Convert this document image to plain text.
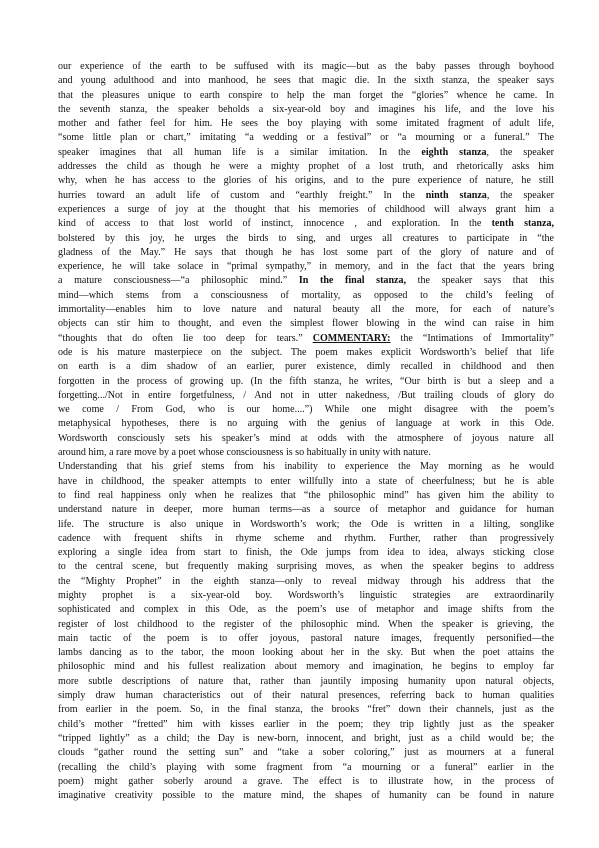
our experience of the earth to be suffused with its magic—but as the baby passes through boyhood
and young adulthood and into manhood, he sees that magic die. In the sixth stanza, the speaker says
that the pleasures unique to earth conspire to help the man forget the “glories” whence he came. In
the seventh stanza, the speaker beholds a six-year-old boy and imagines his life, and the love his
mother and father feel for him. He sees the boy playing with some imitated fragment of adult life,
“some little plan or chart,” imitating “a wedding or a festival” or “a mourning or a funeral.” The
speaker imagines that all human life is a similar imitation. In the eighth stanza, the speaker
addresses the child as though he were a mighty prophet of a lost truth, and rhetorically asks him
why, when he has access to the glories of his origins, and to the pure experience of nature, he still
hurries toward an adult life of custom and “earthly freight.” In the ninth stanza, the speaker
experiences a surge of joy at the thought that his memories of childhood will always grant him a
kind of access to that lost world of instinct, innocence , and exploration. In the tenth stanza,
bolstered by this joy, he urges the birds to sing, and urges all creatures to participate in “the
gladness of the May.” He says that though he has lost some part of the glory of nature and of
experience, he will take solace in “primal sympathy,” in memory, and in the fact that the years bring
a mature consciousness—“a philosophic mind.” In the final stanza, the speaker says that this
mind—which stems from a consciousness of mortality, as opposed to the child’s feeling of
immortality—enables him to love nature and natural beauty all the more, for each of nature’s
objects can stir him to thought, and even the simplest flower blowing in the wind can raise in him
“thoughts that do often lie too deep for tears.” COMMENTARY: the “Intimations of Immortality”
ode is his mature masterpiece on the subject. The poem makes explicit Wordsworth’s belief that life
on earth is a dim shadow of an earlier, purer existence, dimly recalled in childhood and then
forgotten in the process of growing up. (In the fifth stanza, he writes, “Our birth is but a sleep and a
forgetting.../Not in entire forgetfulness, / And not in utter nakedness, /But trailing clouds of glory do
we come / From God, who is our home....”) While one might disagree with the poem’s
metaphysical hypotheses, there is no arguing with the genius of language at work in this Ode.
Wordsworth consciously sets his speaker’s mind at odds with the atmosphere of joyous nature all
around him, a rare move by a poet whose consciousness is so habitually in unity with nature.
Understanding that his grief stems from his inability to experience the May morning as he would
have in childhood, the speaker attempts to enter willfully into a state of cheerfulness; but he is able
to find real happiness only when he realizes that “the philosophic mind” has given him the ability to
understand nature in deeper, more human terms—as a source of metaphor and guidance for human
life. The structure is also unique in Wordsworth’s work; the Ode is written in a lilting, songlike
cadence with frequent shifts in rhyme scheme and rhythm. Further, rather than progressively
exploring a single idea from start to finish, the Ode jumps from idea to idea, always sticking close
to the central scene, but frequently making surprising moves, as when the speaker begins to address
the “Mighty Prophet” in the eighth stanza—only to reveal midway through his address that the
mighty prophet is a six-year-old boy. Wordsworth’s linguistic strategies are extraordinarily
sophisticated and complex in this Ode, as the poem’s use of metaphor and image shifts from the
register of lost childhood to the register of the philosophic mind. When the speaker is grieving, the
main tactic of the poem is to offer joyous, pastoral nature images, frequently personified—the
lambs dancing as to the tabor, the moon looking about her in the sky. But when the poet attains the
philosophic mind and his fullest realization about memory and imagination, he begins to employ far
more subtle descriptions of nature that, rather than jauntily imposing humanity upon natural objects,
simply draw human characteristics out of their natural presences, referring back to human qualities
from earlier in the poem. So, in the final stanza, the brooks “fret” down their channels, just as the
child’s mother “fretted” him with kisses earlier in the poem; they trip lightly just as the speaker
“tripped lightly” as a child; the Day is new-born, innocent, and bright, just as a child would be; the
clouds “gather round the setting sun” and “take a sober coloring,” just as mourners at a funeral
(recalling the child’s playing with some fragment from “a mourning or a funeral” earlier in the
poem) might gather soberly around a grave. The effect is to illustrate how, in the process of
imaginative creativity possible to the mature mind, the shapes of humanity can be found in nature
